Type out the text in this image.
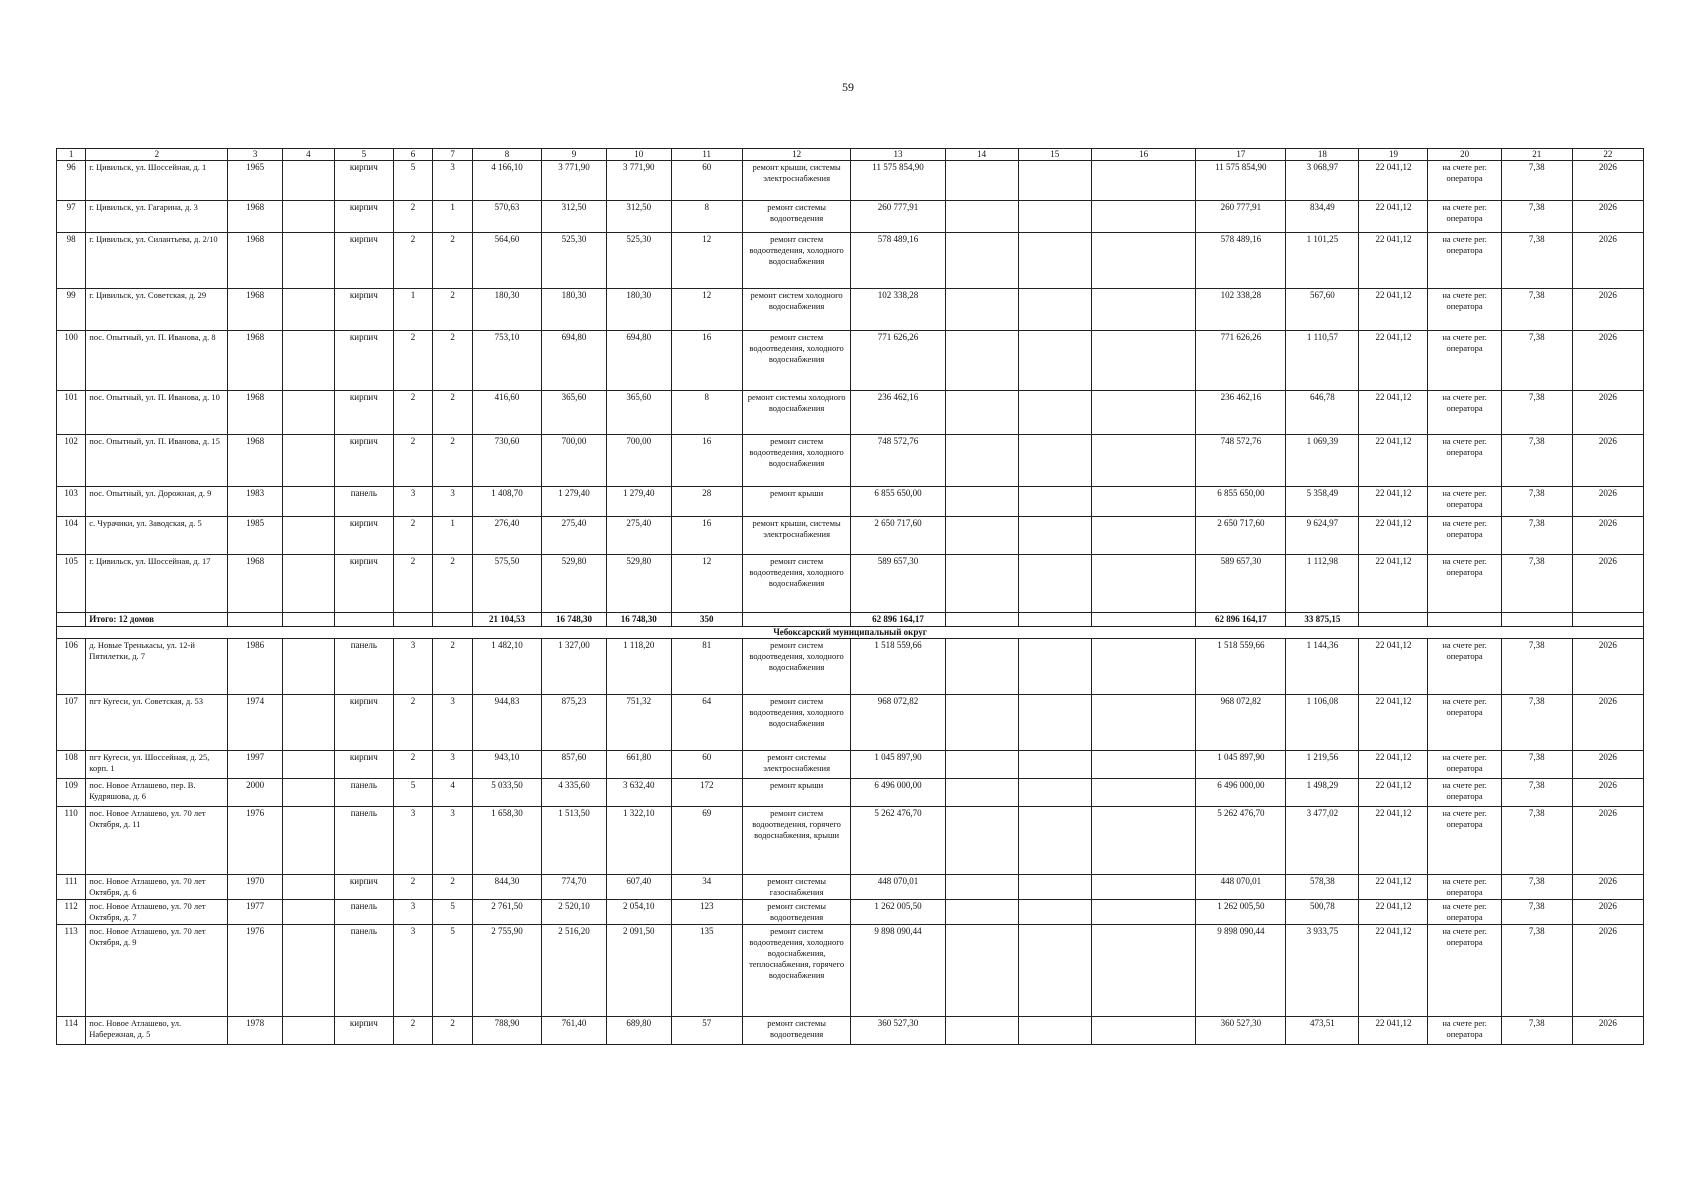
59
1	2	3	4	5	6	7	8	9	10	11	12	13	14	15	16	17	18	19	20	21	22
96	г. Цивильск, ул. Шоссейная, д. 1	1965		кирпич	5	3	4 166,10	3 771,90	3 771,90	60	ремонт крыши, системы электроснабжения	11 575 854,90				11 575 854,90	3 068,97	22 041,12	на счете рег. оператора	7,38	2026
97	г. Цивильск, ул. Гагарина, д. 3	1968		кирпич	2	1	570,63	312,50	312,50	8	ремонт системы водоотведения	260 777,91				260 777,91	834,49	22 041,12	на счете рег. оператора	7,38	2026
98	г. Цивильск, ул. Силантьева, д. 2/10	1968		кирпич	2	2	564,60	525,30	525,30	12	ремонт систем водоотведения, холодного водоснабжения	578 489,16				578 489,16	1 101,25	22 041,12	на счете рег. оператора	7,38	2026
99	г. Цивильск, ул. Советская, д. 29	1968		кирпич	1	2	180,30	180,30	180,30	12	ремонт систем холодного водоснабжения	102 338,28				102 338,28	567,60	22 041,12	на счете рег. оператора	7,38	2026
100	пос. Опытный, ул. П. Иванова, д. 8	1968		кирпич	2	2	753,10	694,80	694,80	16	ремонт систем водоотведения, холодного водоснабжения	771 626,26				771 626,26	1 110,57	22 041,12	на счете рег. оператора	7,38	2026
101	пос. Опытный, ул. П. Иванова, д. 10	1968		кирпич	2	2	416,60	365,60	365,60	8	ремонт системы холодного водоснабжения	236 462,16				236 462,16	646,78	22 041,12	на счете рег. оператора	7,38	2026
102	пос. Опытный, ул. П. Иванова, д. 15	1968		кирпич	2	2	730,60	700,00	700,00	16	ремонт систем водоотведения, холодного водоснабжения	748 572,76				748 572,76	1 069,39	22 041,12	на счете рег. оператора	7,38	2026
103	пос. Опытный, ул. Дорожная, д. 9	1983		панель	3	3	1 408,70	1 279,40	1 279,40	28	ремонт крыши	6 855 650,00				6 855 650,00	5 358,49	22 041,12	на счете рег. оператора	7,38	2026
104	с. Чурачики, ул. Заводская, д. 5	1985		кирпич	2	1	276,40	275,40	275,40	16	ремонт крыши, системы электроснабжения	2 650 717,60				2 650 717,60	9 624,97	22 041,12	на счете рег. оператора	7,38	2026
105	г. Цивильск, ул. Шоссейная, д. 17	1968		кирпич	2	2	575,50	529,80	529,80	12	ремонт систем водоотведения, холодного водоснабжения	589 657,30				589 657,30	1 112,98	22 041,12	на счете рег. оператора	7,38	2026
	Итого: 12 домов						21 104,53	16 748,30	16 748,30	350		62 896 164,17				62 896 164,17	33 875,15				
Чебоксарский муниципальный округ																					
106	д. Новые Тренькасы, ул. 12-й Пятилетки, д. 7	1986		панель	3	2	1 482,10	1 327,00	1 118,20	81	ремонт систем водоотведения, холодного водоснабжения	1 518 559,66				1 518 559,66	1 144,36	22 041,12	на счете рег. оператора	7,38	2026
107	пгт Кугеси, ул. Советская, д. 53	1974		кирпич	2	3	944,83	875,23	751,32	64	ремонт систем водоотведения, холодного водоснабжения	968 072,82				968 072,82	1 106,08	22 041,12	на счете рег. оператора	7,38	2026
108	пгт Кугеси, ул. Шоссейная, д. 25, корп. 1	1997		кирпич	2	3	943,10	857,60	661,80	60	ремонт системы электроснабжения	1 045 897,90				1 045 897,90	1 219,56	22 041,12	на счете рег. оператора	7,38	2026
109	пос. Новое Атлашево, пер. В. Кудряшова, д. 6	2000		панель	5	4	5 033,50	4 335,60	3 632,40	172	ремонт крыши	6 496 000,00				6 496 000,00	1 498,29	22 041,12	на счете рег. оператора	7,38	2026
110	пос. Новое Атлашево, ул. 70 лет Октября, д. 11	1976		панель	3	3	1 658,30	1 513,50	1 322,10	69	ремонт систем водоотведения, горячего водоснабжения, крыши	5 262 476,70				5 262 476,70	3 477,02	22 041,12	на счете рег. оператора	7,38	2026
111	пос. Новое Атлашево, ул. 70 лет Октября, д. 6	1970		кирпич	2	2	844,30	774,70	607,40	34	ремонт системы газоснабжения	448 070,01				448 070,01	578,38	22 041,12	на счете рег. оператора	7,38	2026
112	пос. Новое Атлашево, ул. 70 лет Октября, д. 7	1977		панель	3	5	2 761,50	2 520,10	2 054,10	123	ремонт системы водоотведения	1 262 005,50				1 262 005,50	500,78	22 041,12	на счете рег. оператора	7,38	2026
113	пос. Новое Атлашево, ул. 70 лет Октября, д. 9	1976		панель	3	5	2 755,90	2 516,20	2 091,50	135	ремонт систем водоотведения, холодного водоснабжения, теплоснабжения, горячего водоснабжения	9 898 090,44				9 898 090,44	3 933,75	22 041,12	на счете рег. оператора	7,38	2026
114	пос. Новое Атлашево, ул. Набережная, д. 5	1978		кирпич	2	2	788,90	761,40	689,80	57	ремонт системы водоотведения	360 527,30				360 527,30	473,51	22 041,12	на счете рег. оператора	7,38	2026
